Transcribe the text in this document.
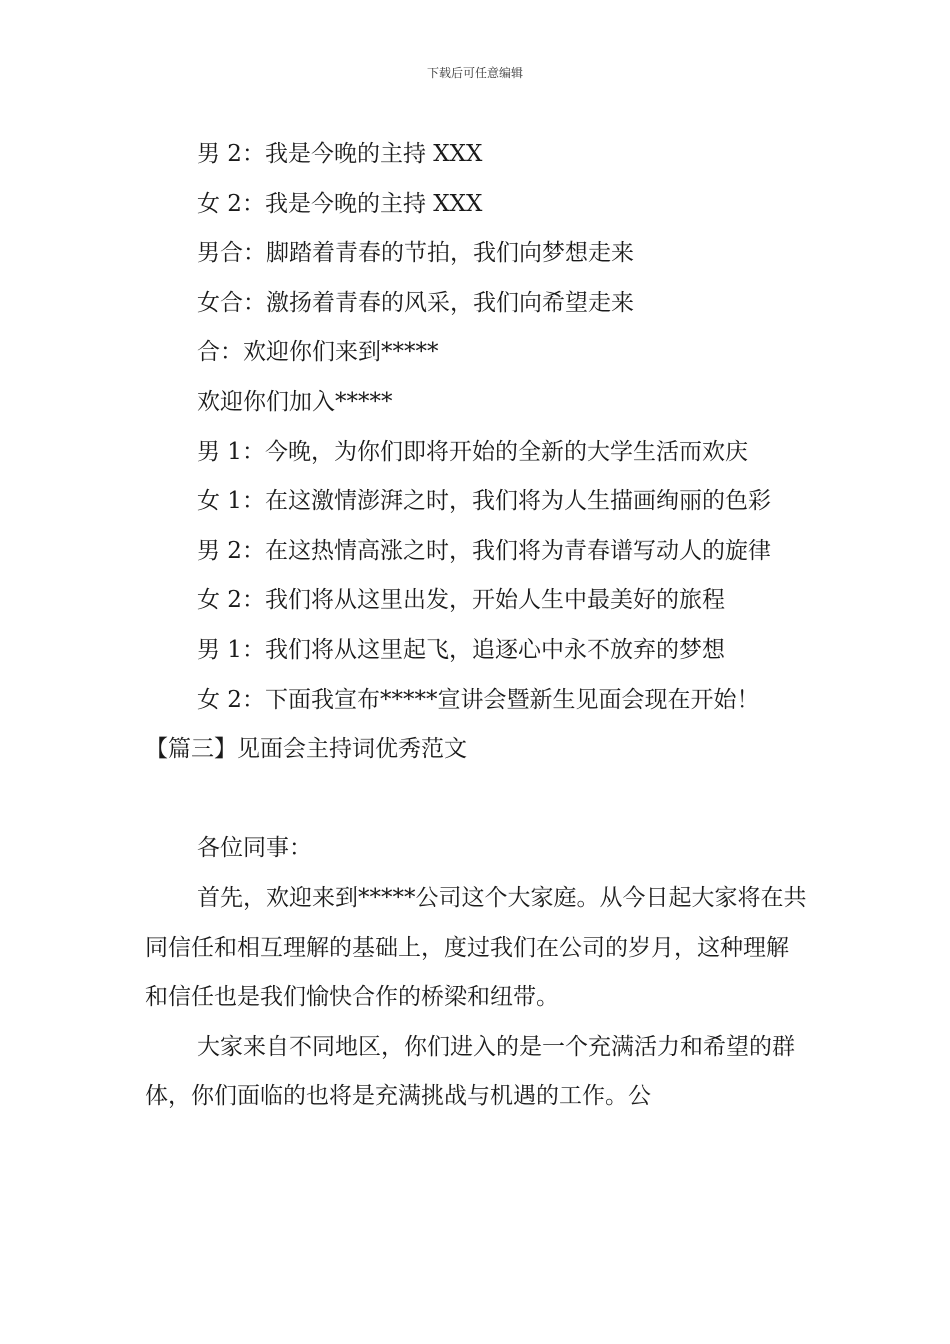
下载后可任意编辑

男 2：我是今晚的主持 XXX

女 2：我是今晚的主持 XXX

男合：脚踏着青春的节拍，我们向梦想走来

女合：激扬着青春的风采，我们向希望走来

合：欢迎你们来到*****

欢迎你们加入*****

男 1：今晚，为你们即将开始的全新的大学生活而欢庆

女 1：在这激情澎湃之时，我们将为人生描画绚丽的色彩

男 2：在这热情高涨之时，我们将为青春谱写动人的旋律

女 2：我们将从这里出发，开始人生中最美好的旅程

男 1：我们将从这里起飞，追逐心中永不放弃的梦想

女 2：下面我宣布*****宣讲会暨新生见面会现在开始！

【篇三】见面会主持词优秀范文

各位同事：

首先，欢迎来到*****公司这个大家庭。从今日起大家将在共同信任和相互理解的基础上，度过我们在公司的岁月，这种理解和信任也是我们愉快合作的桥梁和纽带。

大家来自不同地区，你们进入的是一个充满活力和希望的群体，你们面临的也将是充满挑战与机遇的工作。公
